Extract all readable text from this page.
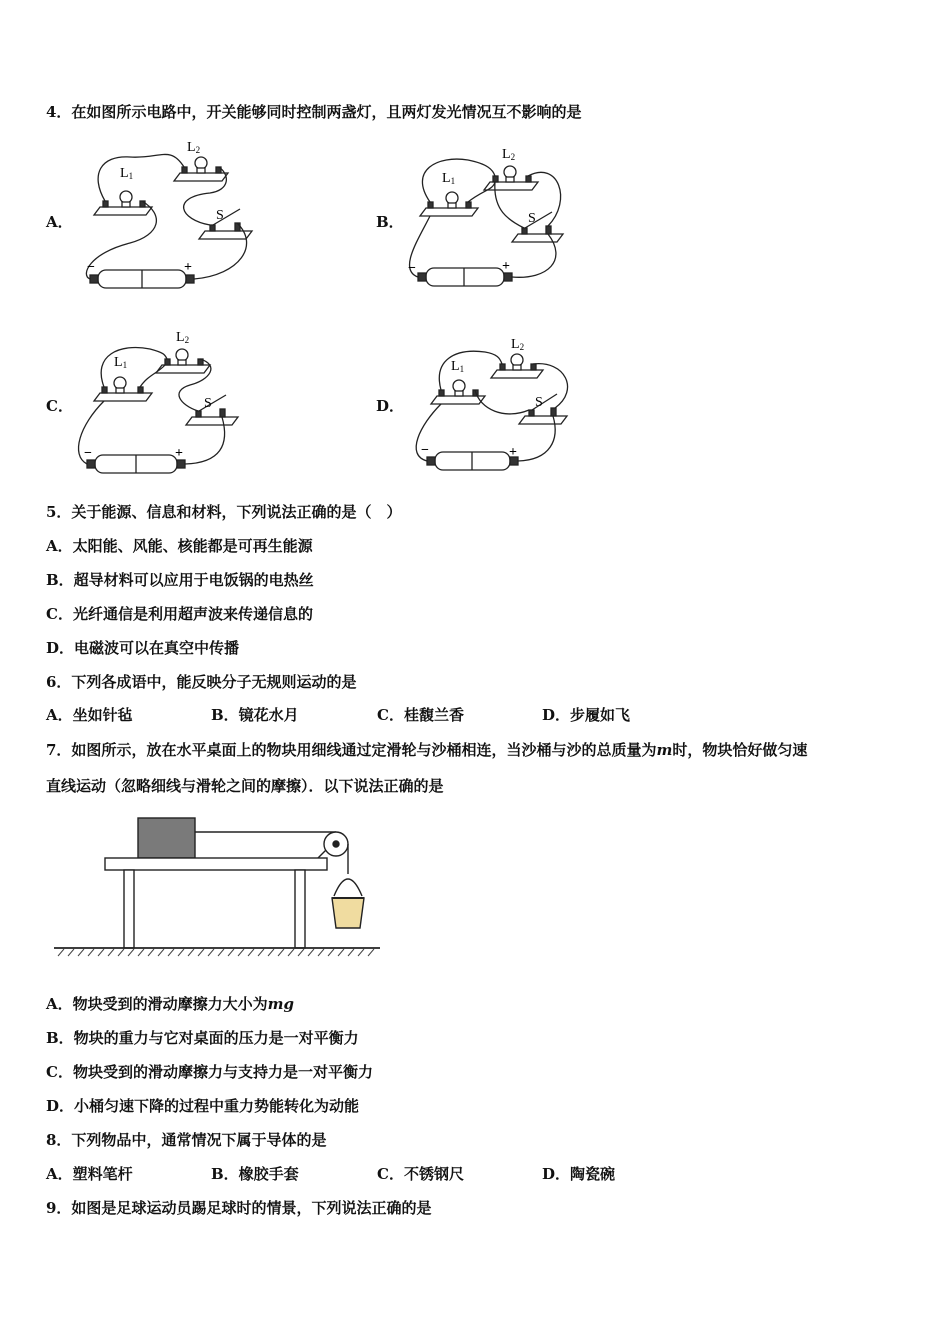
4．在如图所示电路中，开关能够同时控制两盏灯，且两灯发光情况互不影响的是
A．	B．
C．	D．
L1
L2
S
−	+
L1
L2
S
−	+
L1
L2
S
−	+
L1
L2
S
−	+
5．关于能源、信息和材料，下列说法正确的是（　）
A．太阳能、风能、核能都是可再生能源
B．超导材料可以应用于电饭锅的电热丝
C．光纤通信是利用超声波来传递信息的
D．电磁波可以在真空中传播
6．下列各成语中，能反映分子无规则运动的是
A．坐如针毡	B．镜花水月	C．桂馥兰香	D．步履如飞
7．如图所示，放在水平桌面上的物块用细线通过定滑轮与沙桶相连，当沙桶与沙的总质量为m时，物块恰好做匀速
直线运动（忽略细线与滑轮之间的摩擦）．以下说法正确的是
A．物块受到的滑动摩擦力大小为mg
B．物块的重力与它对桌面的压力是一对平衡力
C．物块受到的滑动摩擦力与支持力是一对平衡力
D．小桶匀速下降的过程中重力势能转化为动能
8．下列物品中，通常情况下属于导体的是
A．塑料笔杆	B．橡胶手套	C．不锈钢尺	D．陶瓷碗
9．如图是足球运动员踢足球时的情景，下列说法正确的是
